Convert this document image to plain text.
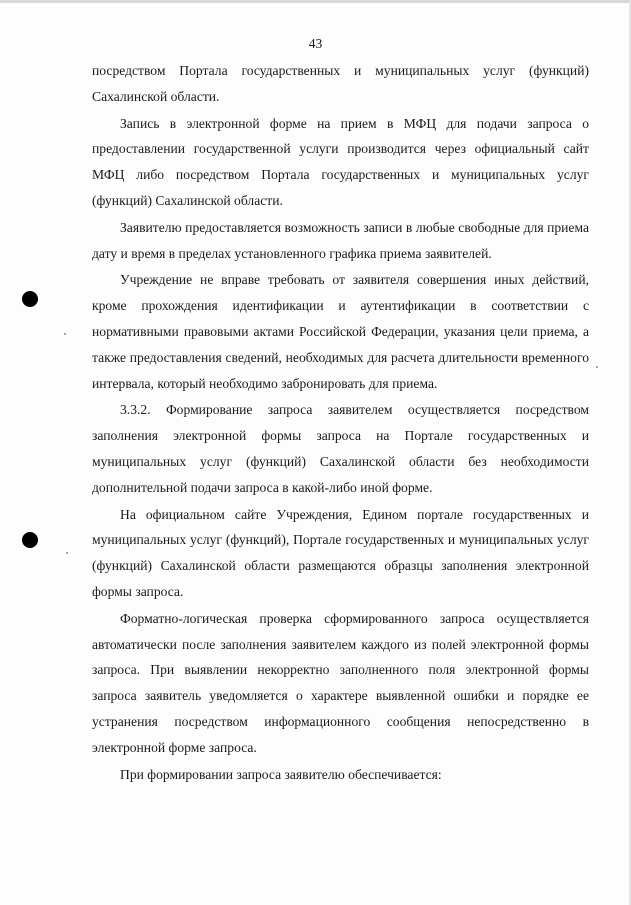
43

посредством Портала государственных и муниципальных услуг (функций) Сахалинской области.

Запись в электронной форме на прием в МФЦ для подачи запроса о предоставлении государственной услуги производится через официальный сайт МФЦ либо посредством Портала государственных и муниципальных услуг (функций) Сахалинской области.

Заявителю предоставляется возможность записи в любые свободные для приема дату и время в пределах установленного графика приема заявителей.

Учреждение не вправе требовать от заявителя совершения иных действий, кроме прохождения идентификации и аутентификации в соответствии с нормативными правовыми актами Российской Федерации, указания цели приема, а также предоставления сведений, необходимых для расчета длительности временного интервала, который необходимо забронировать для приема.

3.3.2. Формирование запроса заявителем осуществляется посредством заполнения электронной формы запроса на Портале государственных и муниципальных услуг (функций) Сахалинской области без необходимости дополнительной подачи запроса в какой-либо иной форме.

На официальном сайте Учреждения, Едином портале государственных и муниципальных услуг (функций), Портале государственных и муниципальных услуг (функций) Сахалинской области размещаются образцы заполнения электронной формы запроса.

Форматно-логическая проверка сформированного запроса осуществляется автоматически после заполнения заявителем каждого из полей электронной формы запроса. При выявлении некорректно заполненного поля электронной формы запроса заявитель уведомляется о характере выявленной ошибки и порядке ее устранения посредством информационного сообщения непосредственно в электронной форме запроса.

При формировании запроса заявителю обеспечивается:
